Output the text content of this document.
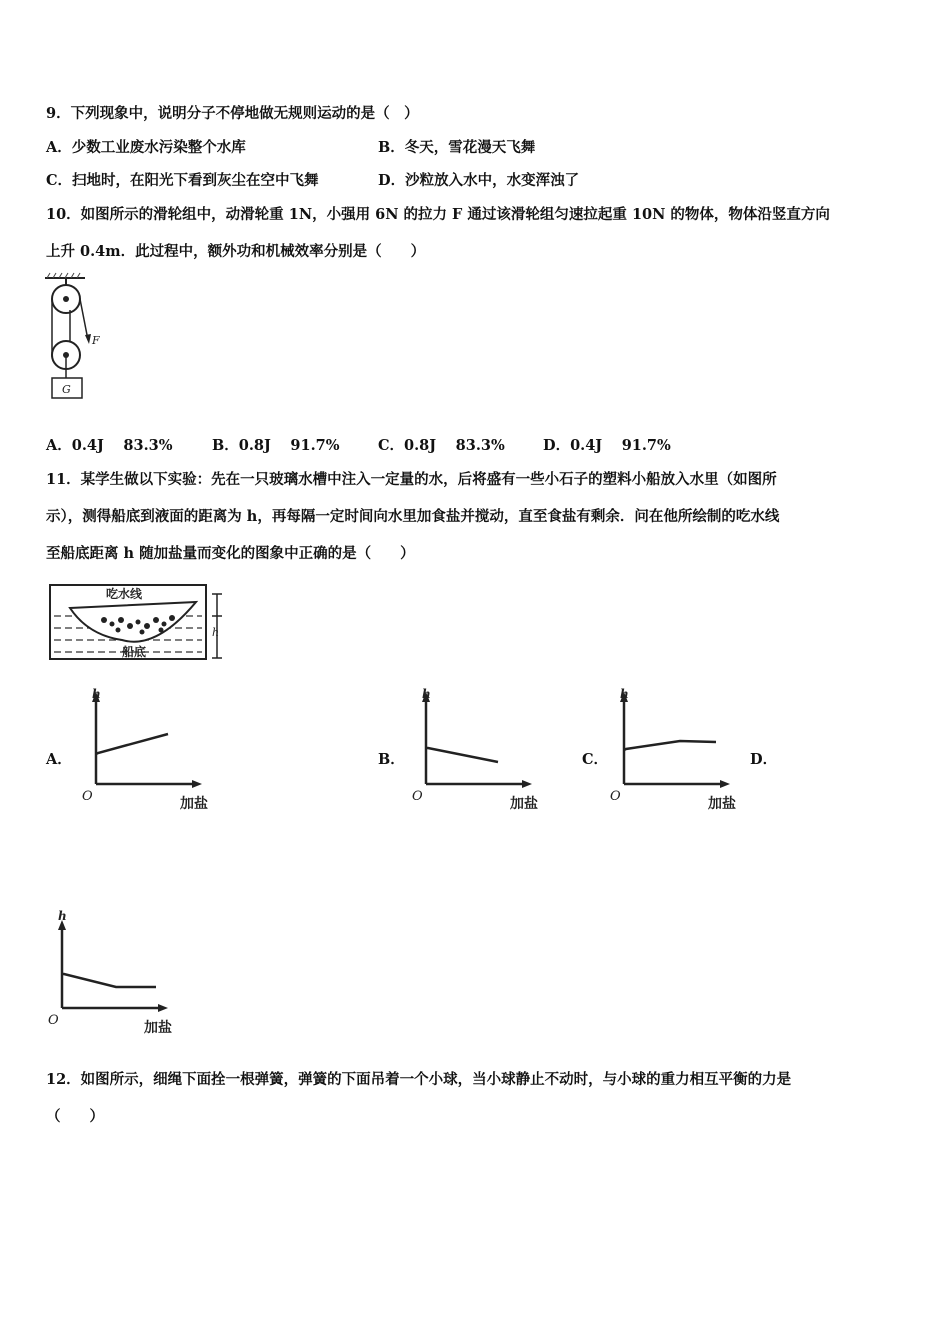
9．下列现象中，说明分子不停地做无规则运动的是（　）
A．少数工业废水污染整个水库	B．冬天，雪花漫天飞舞
C．扫地时，在阳光下看到灰尘在空中飞舞	D．沙粒放入水中，水变浑浊了
10．如图所示的滑轮组中，动滑轮重 1N，小强用 6N 的拉力 F 通过该滑轮组匀速拉起重 10N 的物体，物体沿竖直方向
上升 0.4m．此过程中，额外功和机械效率分别是（　　）
F
G
A．0.4J　 83.3%	B．0.8J　 91.7%	C．0.8J　 83.3%	D．0.4J　 91.7%
11．某学生做以下实验：先在一只玻璃水槽中注入一定量的水，后将盛有一些小石子的塑料小船放入水里（如图所
示），测得船底到液面的距离为 h，再每隔一定时间向水里加食盐并搅动，直至食盐有剩余．问在他所绘制的吃水线
至船底距离 h 随加盐量而变化的图象中正确的是（　　）
吃水线
船底
h
A．	B．	C．	D．
h
O	加盐
h
O	加盐
h
O	加盐
h
O	加盐
12．如图所示，细绳下面拴一根弹簧，弹簧的下面吊着一个小球，当小球静止不动时，与小球的重力相互平衡的力是
（　　）
